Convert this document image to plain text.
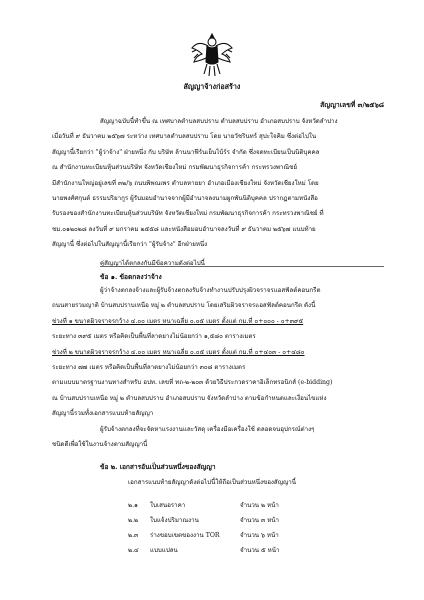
สัญญาจ้างก่อสร้าง
สัญญาเลขที่ ๓/๒๕๖๘
สัญญาฉบับนี้ทำขึ้น ณ เทศบาลตำบลสบปราบ ตำบลสบปราบ อำเภอสบปราบ จังหวัดลำปาง
เมื่อวันที่ ๙ ธันวาคม ๒๕๖๗ ระหว่าง เทศบาลตำบลสบปราบ โดย นายวัชรินทร์ สุปะใจคิม ซึ่งต่อไปใน
สัญญานี้เรียกว่า "ผู้ว่าจ้าง" ฝ่ายหนึ่ง กับ บริษัท ล้านนาฟีร์นเย็นไบ้ร์ร จำกัด ซึ่งจดทะเบียนเป็นนิติบุคคล
ณ สำนักงานทะเบียนหุ้นส่วนบริษัท จังหวัดเชียงใหม่ กรมพัฒนาธุรกิจการค้า กระทรวงพาณิชย์
มีสำนักงานใหญ่อยู่เลขที่ ๓๒/๖ ถนนพิพณเพร ตำบลหายยา อำเภอเมืองเชียงใหม่ จังหวัดเชียงใหม่ โดย
นายพงศ์ศกุนต์ ธรรมปริยากูร ผู้รับมอบอำนาจจากผู้มีอำนาจลงนามผูกพันนิติบุคคล ปรากฏตามหนังสือ
รับรองของสำนักงานทะเบียนหุ้นส่วนบริษัท จังหวัดเชียงใหม่ กรมพัฒนาธุรกิจการค้า กระทรวงพาณิชย์ ที่
ชม.๐๑๒๐๒๘ ลงวันที่ ๙ มกราคม ๒๕๕๘ และหนังสือมอบอำนาจลงวันที่ ๙ ธันวาคม ๒๕๖๗ แนบท้าย
สัญญานี้ ซึ่งต่อไปในสัญญานี้เรียกว่า "ผู้รับจ้าง" อีกฝ่ายหนึ่ง
คู่สัญญาได้ตกลงกันมีข้อความดังต่อไปนี้
ข้อ ๑. ข้อตกลงว่าจ้าง
ผู้ว่าจ้างตกลงจ้างและผู้รับจ้างตกลงรับจ้างทำงานปรับปรุงผิวจราจรแอสฟัลต์คอนกรีต
ถนนสายรวมญาติ บ้านสบปราบเหนือ หมู่ ๒ ตำบลสบปราบ โดยเสริมผิวจราจรแอสฟัลต์คอนกรีต ดังนี้
ช่วงที่ ๑ ขนาดผิวจราจรกว้าง ๔.๐๐ เมตร หนาเฉลี่ย ๐.๐๕ เมตร ตั้งแต่ กม.ที่ ๐+๐๐๐ - ๐+๓๙๕
ระยะทาง ๓๙๕ เมตร หรือคิดเป็นพื้นที่ลาดยางไม่น้อยกว่า ๑,๕๘๐ ตารางเมตร
ช่วงที่ ๒ ขนาดผิวจราจรกว้าง ๔.๐๐ เมตร หนาเฉลี่ย ๐.๐๕ เมตร ตั้งแต่ กม.ที่ ๐+๔๐๓ - ๐+๔๘๐
ระยะทาง ๗๗ เมตร หรือคิดเป็นพื้นที่ลาดยางไม่น้อยกว่า ๓๐๘ ตารางเมตร
ตามแบบมาตรฐานงานทางสำหรับ อปท. เลขที่ ทถ-๒-๒๐๓ ด้วยวิธีประกวดราคาอิเล็กทรอนิกส์ (e-bidding)
ณ บ้านสบปราบเหนือ หมู่ ๒ ตำบลสบปราบ อำเภอสบปราบ จังหวัดลำปาง ตามข้อกำหนดและเงื่อนไขแห่ง
สัญญานี้รวมทั้งเอกสารแนบท้ายสัญญา
ผู้รับจ้างตกลงที่จะจัดหาแรงงานและวัสดุ เครื่องมือเครื่องใช้ ตลอดจนอุปกรณ์ต่างๆ
ชนิดดีเพื่อใช้ในงานจ้างตามสัญญานี้
ข้อ ๒. เอกสารอันเป็นส่วนหนึ่งของสัญญา
เอกสารแนบท้ายสัญญาดังต่อไปนี้ให้ถือเป็นส่วนหนึ่งของสัญญานี้
๒.๑ ใบเสนอราคา	จำนวน ๒ หน้า
๒.๒ ใบแจ้งปริมาณงาน	จำนวน ๓ หน้า
๒.๓ ร่างขอบเขตของงาน TOR	จำนวน ๖ หน้า
๒.๔ แบบแปลน	จำนวน ๕ หน้า
